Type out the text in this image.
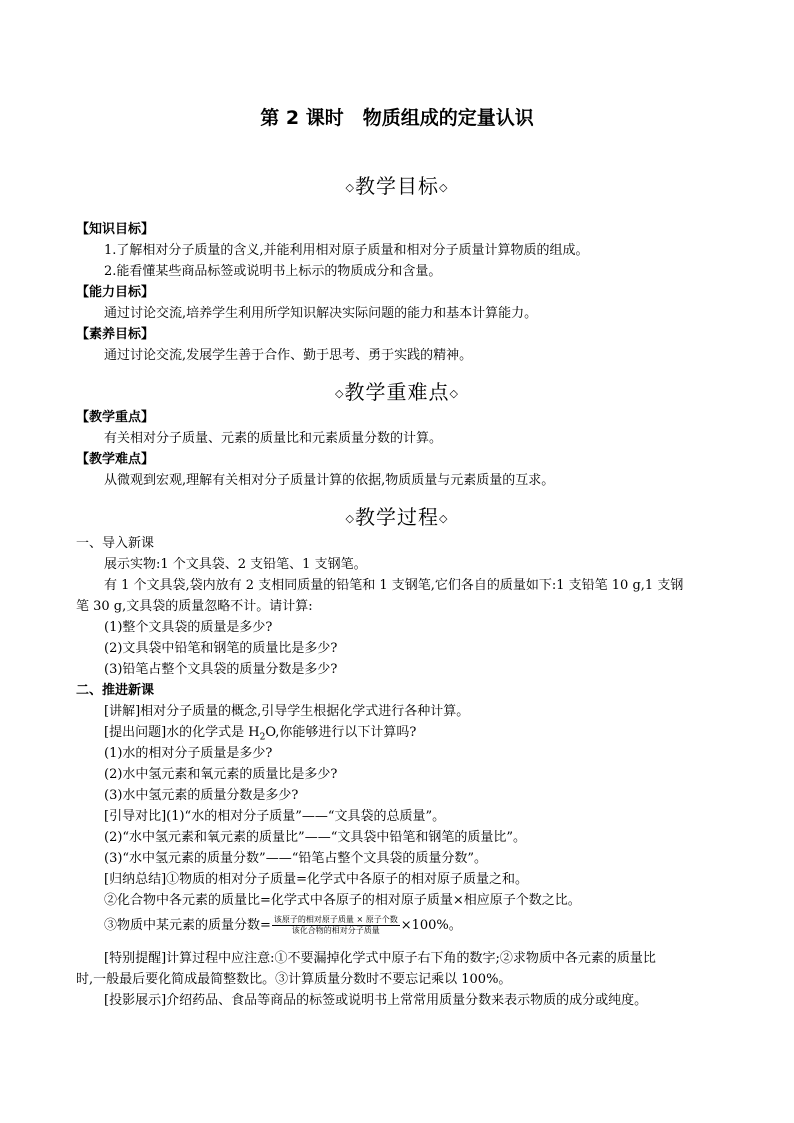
第 2 课时　物质组成的定量认识
◇教学目标◇
【知识目标】
1.了解相对分子质量的含义,并能利用相对原子质量和相对分子质量计算物质的组成。
2.能看懂某些商品标签或说明书上标示的物质成分和含量。
【能力目标】
通过讨论交流,培养学生利用所学知识解决实际问题的能力和基本计算能力。
【素养目标】
通过讨论交流,发展学生善于合作、勤于思考、勇于实践的精神。
◇教学重难点◇
【教学重点】
有关相对分子质量、元素的质量比和元素质量分数的计算。
【教学难点】
从微观到宏观,理解有关相对分子质量计算的依据,物质质量与元素质量的互求。
◇教学过程◇
一、导入新课
展示实物:1 个文具袋、2 支铅笔、1 支钢笔。
有 1 个文具袋,袋内放有 2 支相同质量的铅笔和 1 支钢笔,它们各自的质量如下:1 支铅笔 10 g,1 支钢
笔 30 g,文具袋的质量忽略不计。请计算:
(1)整个文具袋的质量是多少?
(2)文具袋中铅笔和钢笔的质量比是多少?
(3)铅笔占整个文具袋的质量分数是多少?
二、推进新课
[讲解]相对分子质量的概念,引导学生根据化学式进行各种计算。
[提出问题]水的化学式是 $H_2O$,你能够进行以下计算吗?
(1)水的相对分子质量是多少?
(2)水中氢元素和氧元素的质量比是多少?
(3)水中氢元素的质量分数是多少?
[引导对比](1)“水的相对分子质量”——“文具袋的总质量”。
(2)“水中氢元素和氧元素的质量比”——“文具袋中铅笔和钢笔的质量比”。
(3)“水中氢元素的质量分数”——“铅笔占整个文具袋的质量分数”。
[归纳总结]①物质的相对分子质量=化学式中各原子的相对原子质量之和。
②化合物中各元素的质量比=化学式中各原子的相对原子质量×相应原子个数之比。
③物质中某元素的质量分数= $\frac{\text{该原子的相对原子质量 × 原子个数}}{\text{该化合物的相对分子质量}} \times 100\%$。
[特别提醒]计算过程中应注意:①不要漏掉化学式中原子右下角的数字;②求物质中各元素的质量比
时,一般最后要化简成最简整数比。③计算质量分数时不要忘记乘以 100%。
[投影展示]介绍药品、食品等商品的标签或说明书上常常用质量分数来表示物质的成分或纯度。
